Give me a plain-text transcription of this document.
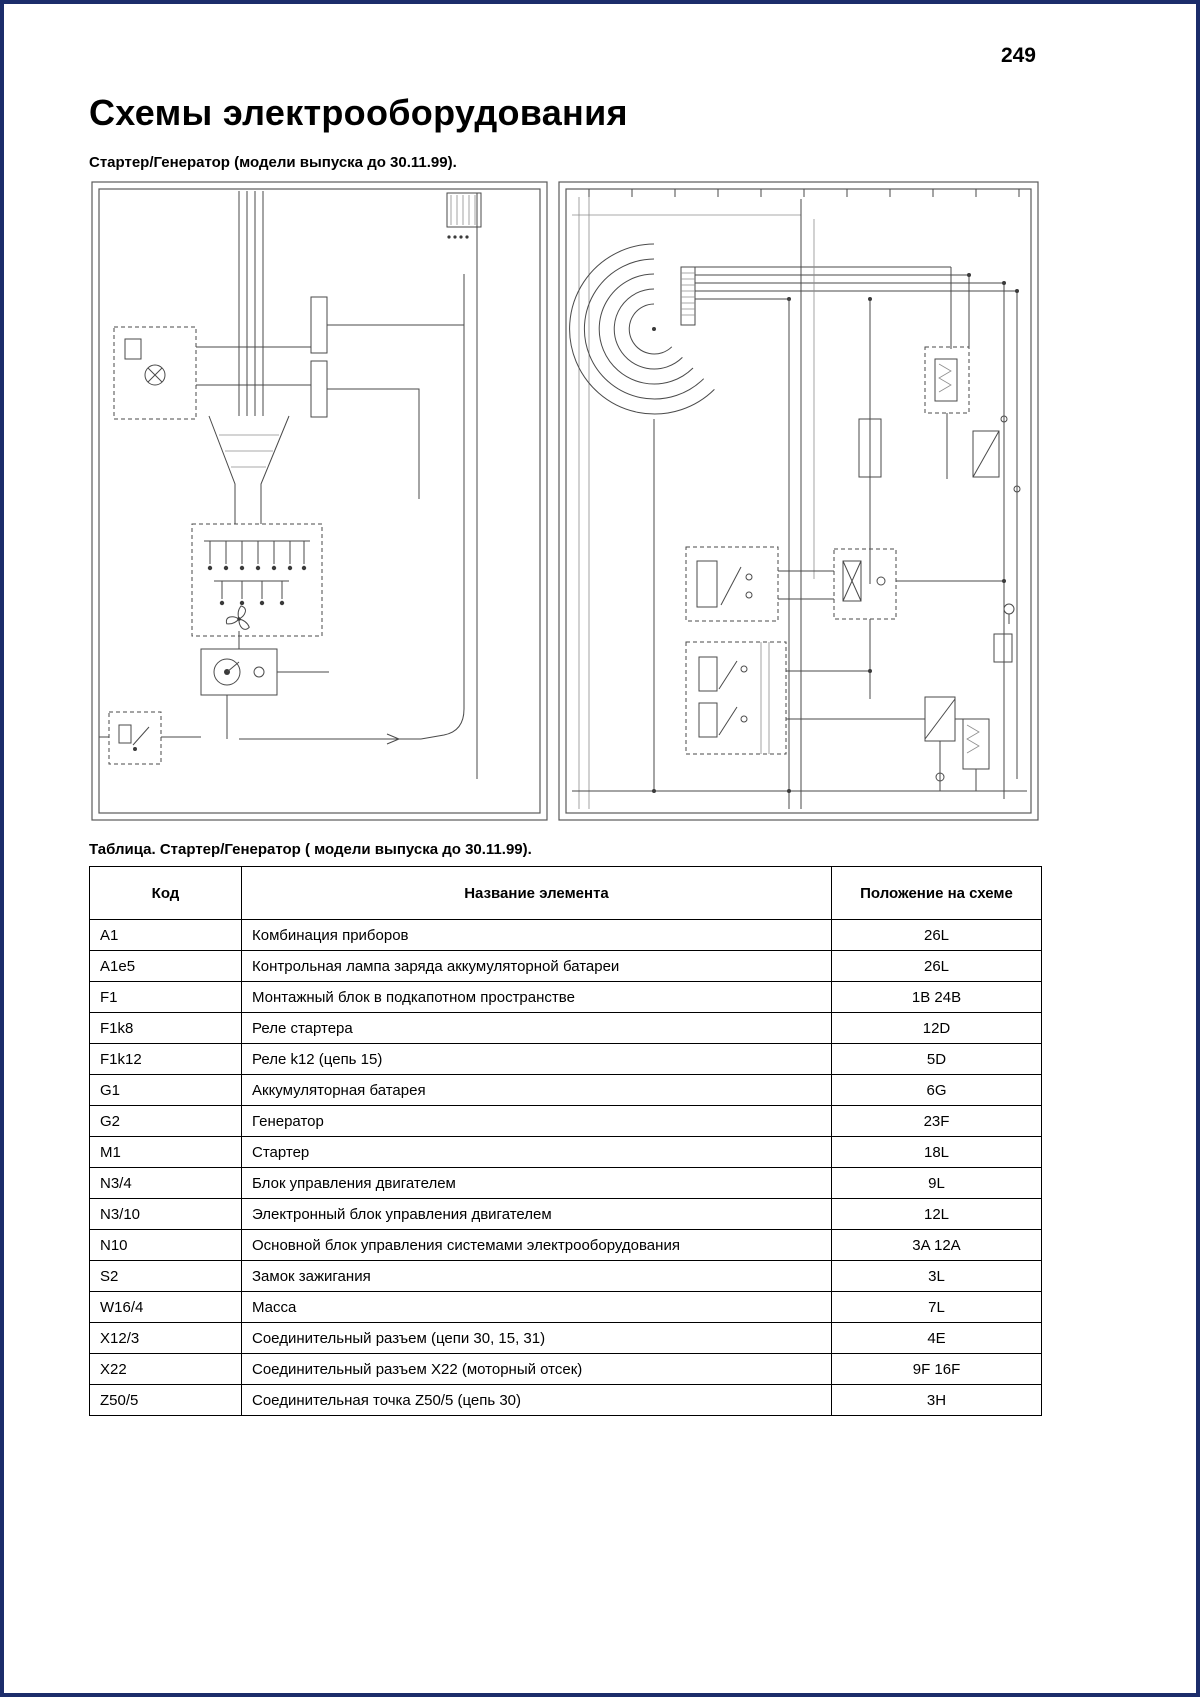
249
Схемы электрооборудования
Стартер/Генератор (модели выпуска до 30.11.99).
Таблица. Стартер/Генератор ( модели выпуска до 30.11.99).
Код	Название элемента	Положение на схеме
A1	Комбинация приборов	26L
A1e5	Контрольная лампа заряда аккумуляторной батареи	26L
F1	Монтажный блок в подкапотном пространстве	1B 24B
F1k8	Реле стартера	12D
F1k12	Реле k12 (цепь 15)	5D
G1	Аккумуляторная батарея	6G
G2	Генератор	23F
M1	Стартер	18L
N3/4	Блок управления двигателем	9L
N3/10	Электронный блок управления двигателем	12L
N10	Основной блок управления системами электрооборудования	3A 12A
S2	Замок зажигания	3L
W16/4	Масса	7L
X12/3	Соединительный разъем (цепи 30, 15, 31)	4E
X22	Соединительный разъем X22 (моторный отсек)	9F 16F
Z50/5	Соединительная точка Z50/5 (цепь 30)	3H
